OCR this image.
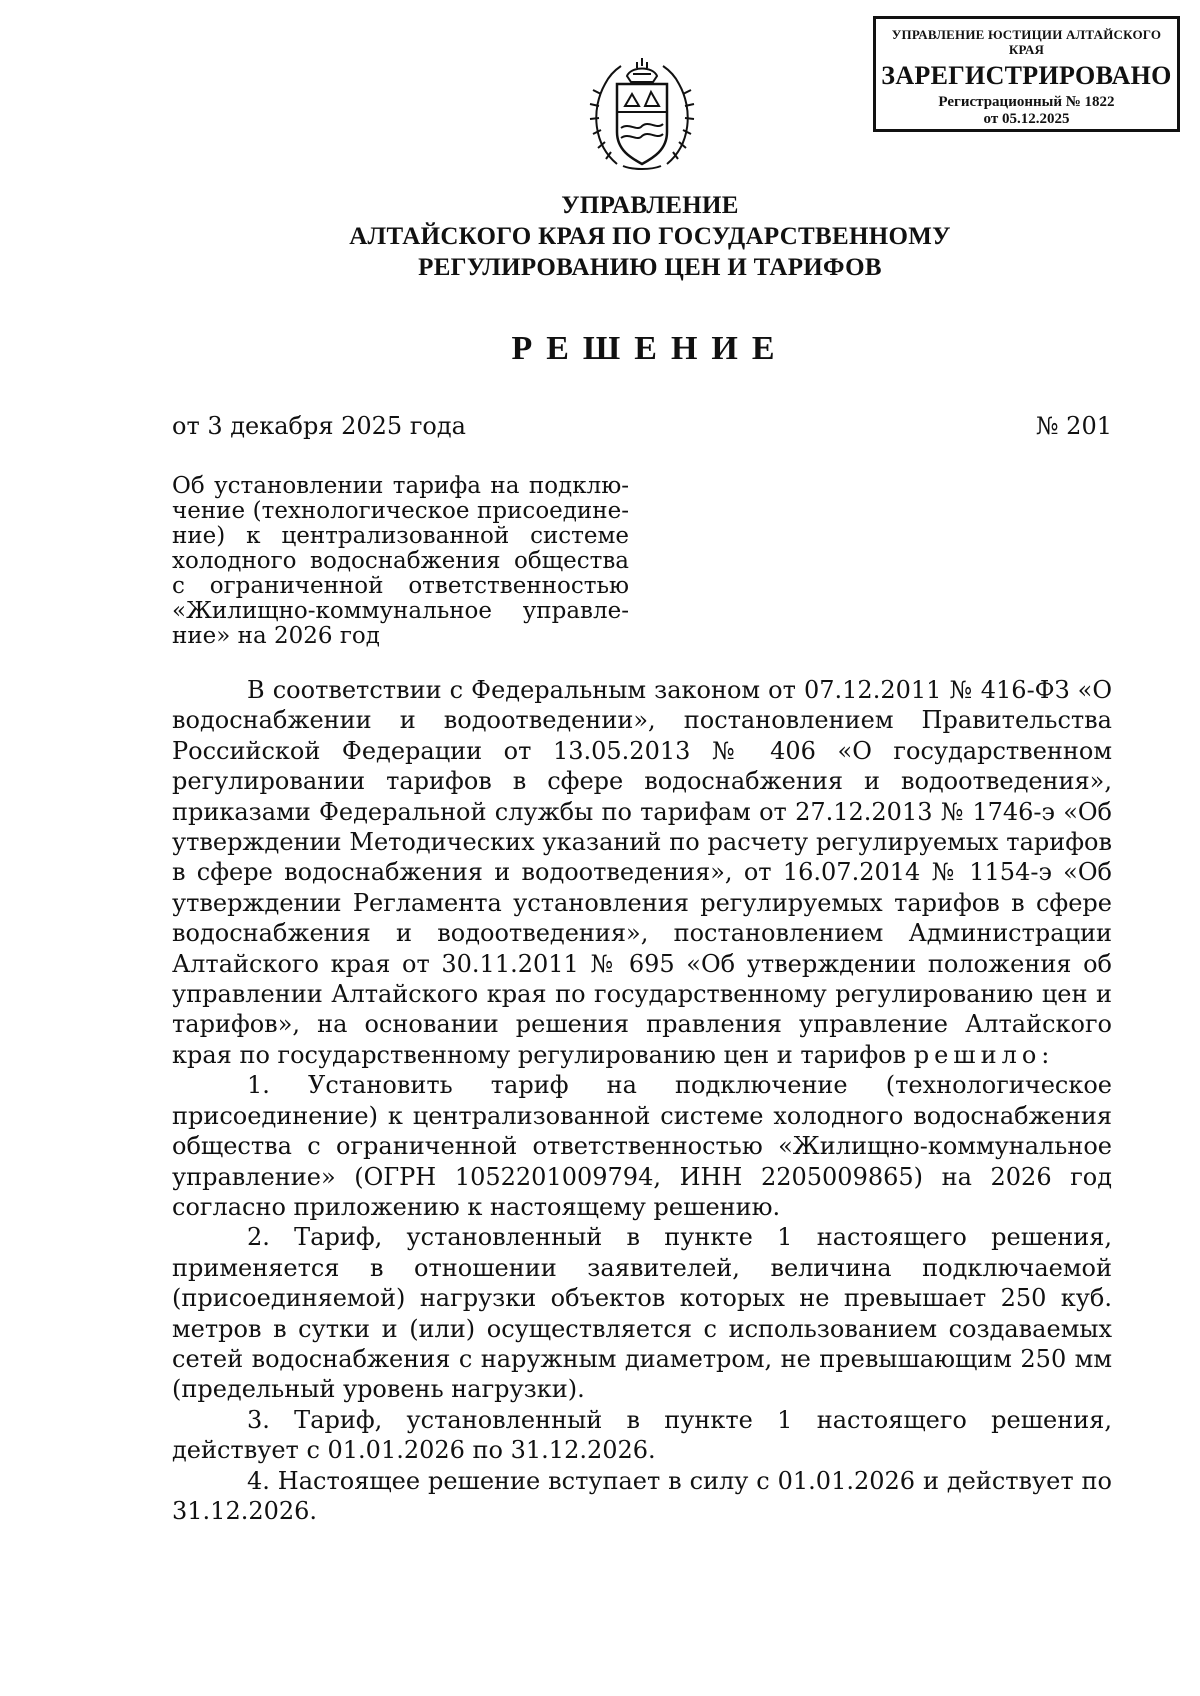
УПРАВЛЕНИЕ ЮСТИЦИИ АЛТАЙСКОГО КРАЯ
ЗАРЕГИСТРИРОВАНО
Регистрационный № 1822
от 05.12.2025
УПРАВЛЕНИЕ
АЛТАЙСКОГО КРАЯ ПО ГОСУДАРСТВЕННОМУ
РЕГУЛИРОВАНИЮ ЦЕН И ТАРИФОВ
РЕШЕНИЕ
от 3 декабря 2025 года	№ 201
Об установлении тарифа на подключение (технологическое присоединение) к централизованной системе холодного водоснабжения общества с ограниченной ответственностью «Жилищно-коммунальное управление» на 2026 год

В соответствии с Федеральным законом от 07.12.2011 № 416-ФЗ «О водоснабжении и водоотведении», постановлением Правительства Российской Федерации от 13.05.2013 № 406 «О государственном регулировании тарифов в сфере водоснабжения и водоотведения», приказами Федеральной службы по тарифам от 27.12.2013 № 1746-э «Об утверждении Методических указаний по расчету регулируемых тарифов в сфере водоснабжения и водоотведения», от 16.07.2014 № 1154-э «Об утверждении Регламента установления регулируемых тарифов в сфере водоснабжения и водоотведения», постановлением Администрации Алтайского края от 30.11.2011 № 695 «Об утверждении положения об управлении Алтайского края по государственному регулированию цен и тарифов», на основании решения правления управление Алтайского края по государственному регулированию цен и тарифов решило:

1. Установить тариф на подключение (технологическое присоединение) к централизованной системе холодного водоснабжения общества с ограниченной ответственностью «Жилищно-коммунальное управление» (ОГРН 1052201009794, ИНН 2205009865) на 2026 год согласно приложению к настоящему решению.

2. Тариф, установленный в пункте 1 настоящего решения, применяется в отношении заявителей, величина подключаемой (присоединяемой) нагрузки объектов которых не превышает 250 куб. метров в сутки и (или) осуществляется с использованием создаваемых сетей водоснабжения с наружным диаметром, не превышающим 250 мм (предельный уровень нагрузки).

3. Тариф, установленный в пункте 1 настоящего решения, действует с 01.01.2026 по 31.12.2026.

4. Настоящее решение вступает в силу с 01.01.2026 и действует по 31.12.2026.
